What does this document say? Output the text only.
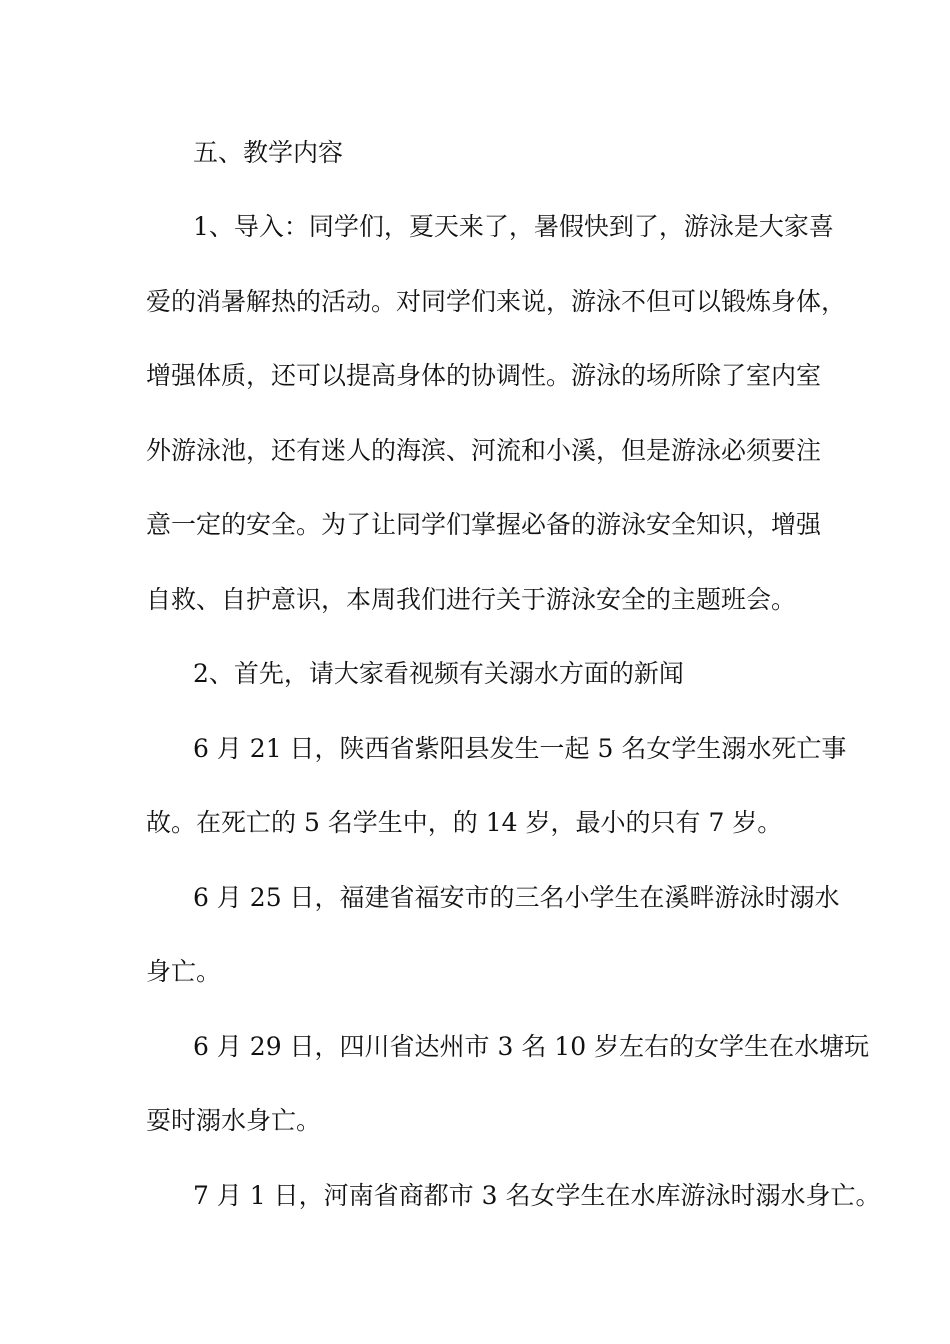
五、教学内容
1、导入：同学们，夏天来了，暑假快到了，游泳是大家喜
爱的消暑解热的活动。对同学们来说，游泳不但可以锻炼身体，
增强体质，还可以提高身体的协调性。游泳的场所除了室内室
外游泳池，还有迷人的海滨、河流和小溪，但是游泳必须要注
意一定的安全。为了让同学们掌握必备的游泳安全知识，增强
自救、自护意识，本周我们进行关于游泳安全的主题班会。
2、首先，请大家看视频有关溺水方面的新闻
6 月 21 日，陕西省紫阳县发生一起 5 名女学生溺水死亡事
故。在死亡的 5 名学生中，的 14 岁，最小的只有 7 岁。
6 月 25 日，福建省福安市的三名小学生在溪畔游泳时溺水
身亡。
6 月 29 日，四川省达州市 3 名 10 岁左右的女学生在水塘玩
耍时溺水身亡。
7 月 1 日，河南省商都市 3 名女学生在水库游泳时溺水身亡。
